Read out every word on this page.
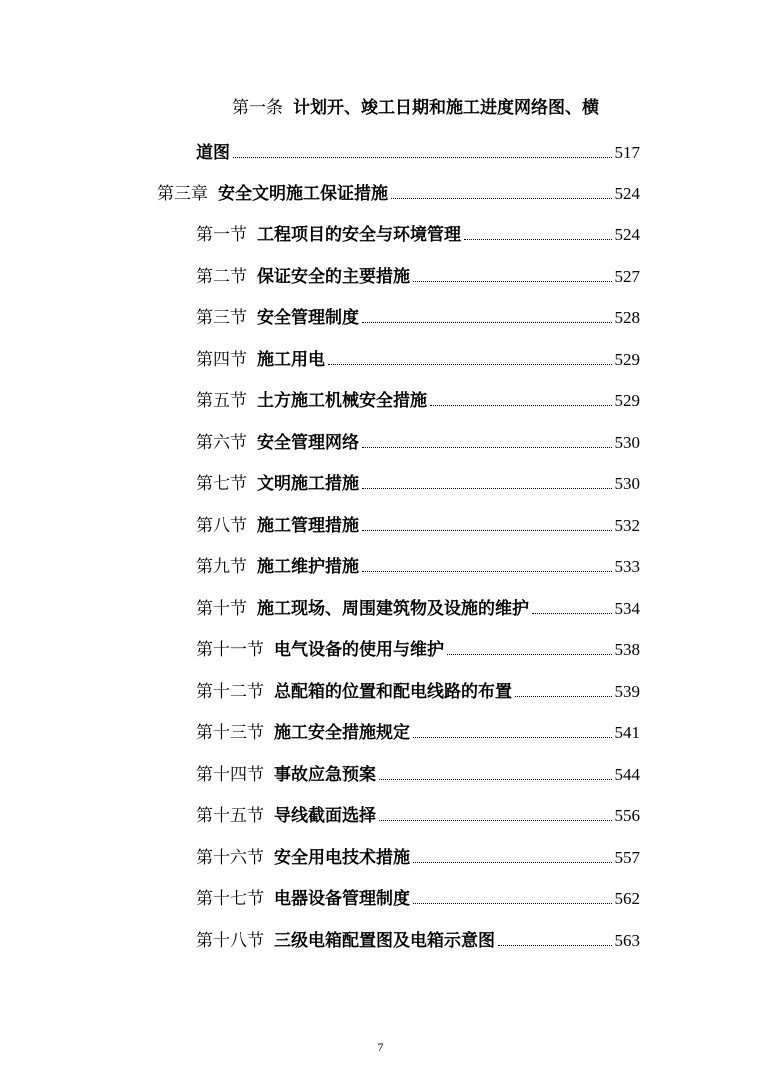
第一条 计划开、竣工日期和施工进度网络图、横
道图	517
第三章 安全文明施工保证措施	524
第一节 工程项目的安全与环境管理	524
第二节 保证安全的主要措施	527
第三节 安全管理制度	528
第四节 施工用电	529
第五节 土方施工机械安全措施	529
第六节 安全管理网络	530
第七节 文明施工措施	530
第八节 施工管理措施	532
第九节 施工维护措施	533
第十节 施工现场、周围建筑物及设施的维护	534
第十一节 电气设备的使用与维护	538
第十二节 总配箱的位置和配电线路的布置	539
第十三节 施工安全措施规定	541
第十四节 事故应急预案	544
第十五节 导线截面选择	556
第十六节 安全用电技术措施	557
第十七节 电器设备管理制度	562
第十八节 三级电箱配置图及电箱示意图	563
7
